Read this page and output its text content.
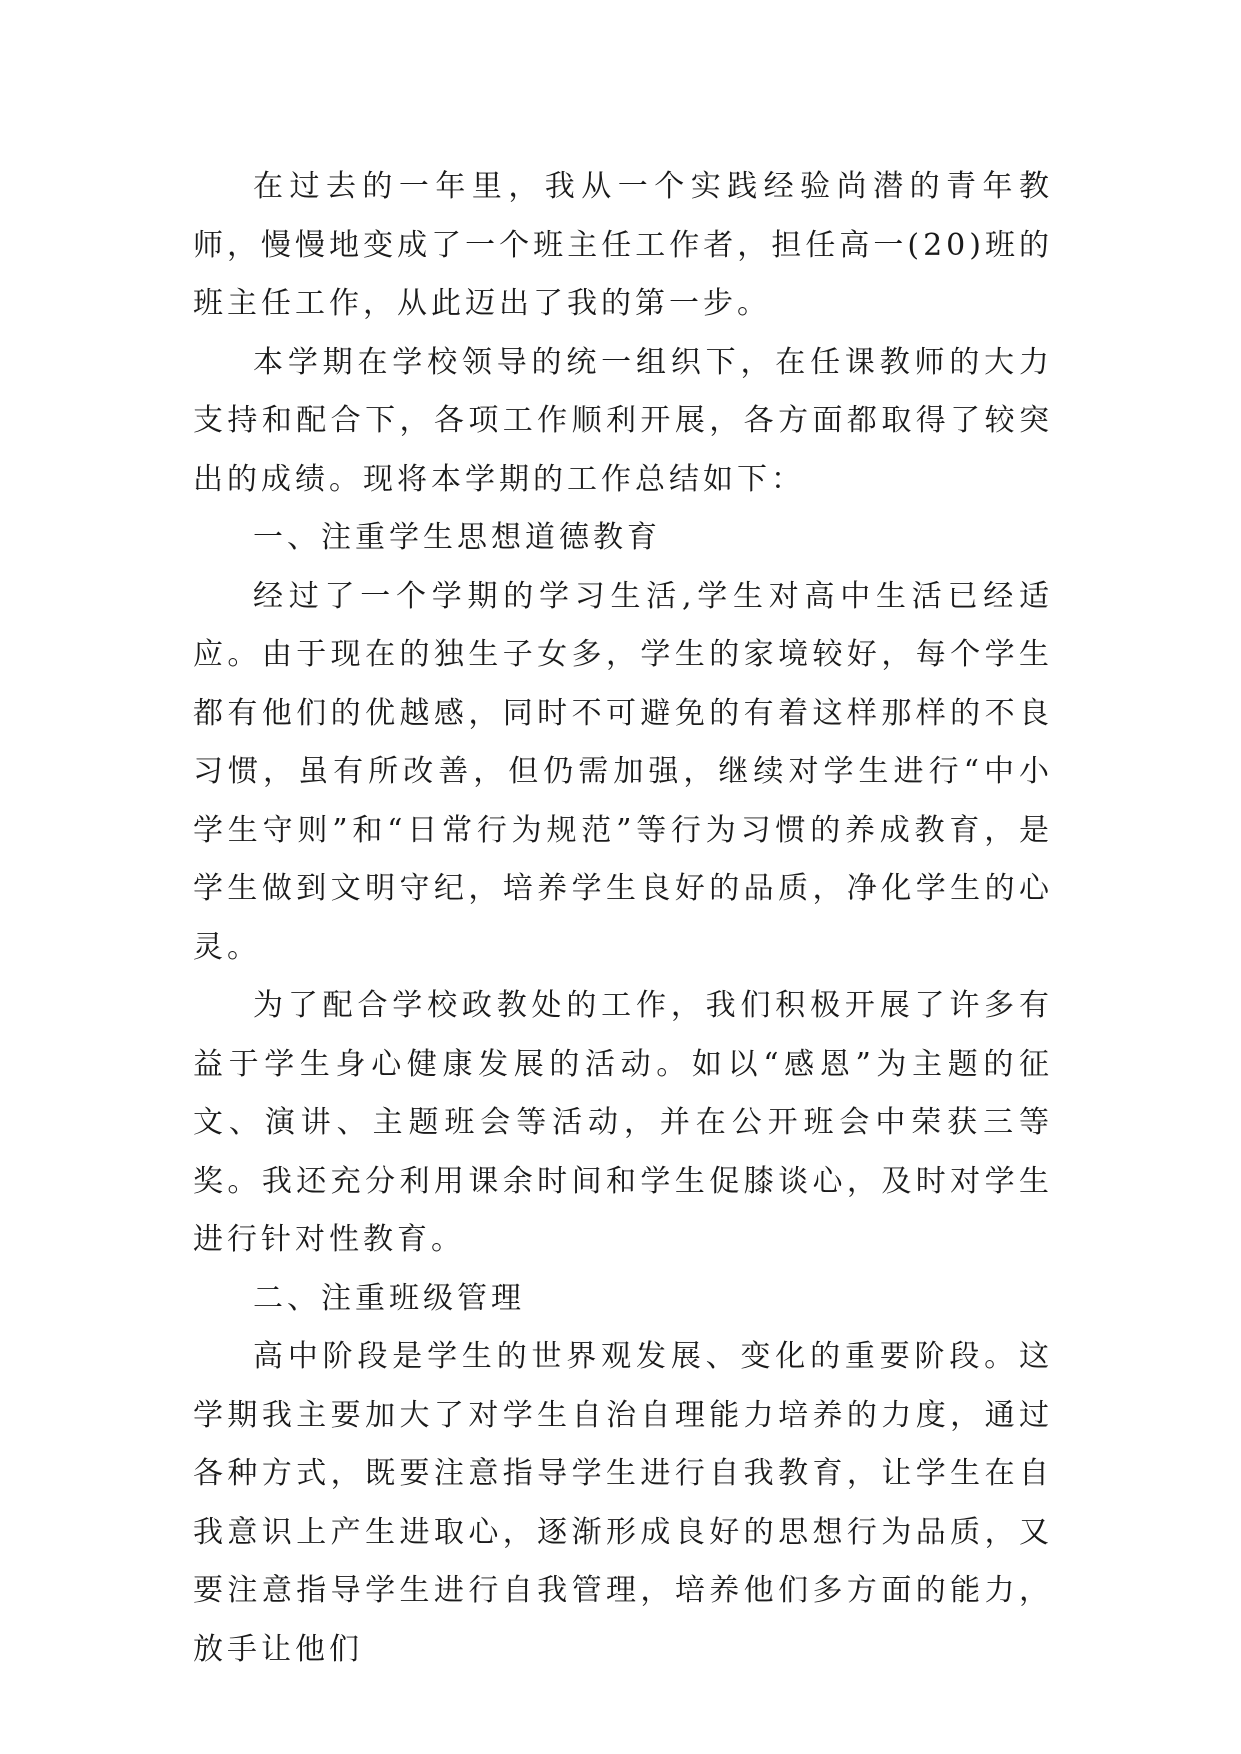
在过去的一年里，我从一个实践经验尚潜的青年教师，慢慢地变成了一个班主任工作者，担任高一(20)班的班主任工作，从此迈出了我的第一步。

本学期在学校领导的统一组织下，在任课教师的大力支持和配合下，各项工作顺利开展，各方面都取得了较突出的成绩。现将本学期的工作总结如下：

一、注重学生思想道德教育

经过了一个学期的学习生活,学生对高中生活已经适应。由于现在的独生子女多，学生的家境较好，每个学生都有他们的优越感，同时不可避免的有着这样那样的不良习惯，虽有所改善，但仍需加强，继续对学生进行“中小学生守则”和“日常行为规范”等行为习惯的养成教育，是学生做到文明守纪，培养学生良好的品质，净化学生的心灵。

为了配合学校政教处的工作，我们积极开展了许多有益于学生身心健康发展的活动。如以“感恩”为主题的征文、演讲、主题班会等活动，并在公开班会中荣获三等奖。我还充分利用课余时间和学生促膝谈心，及时对学生进行针对性教育。

二、注重班级管理

高中阶段是学生的世界观发展、变化的重要阶段。这学期我主要加大了对学生自治自理能力培养的力度，通过各种方式，既要注意指导学生进行自我教育，让学生在自我意识上产生进取心，逐渐形成良好的思想行为品质，又要注意指导学生进行自我管理，培养他们多方面的能力，放手让他们
